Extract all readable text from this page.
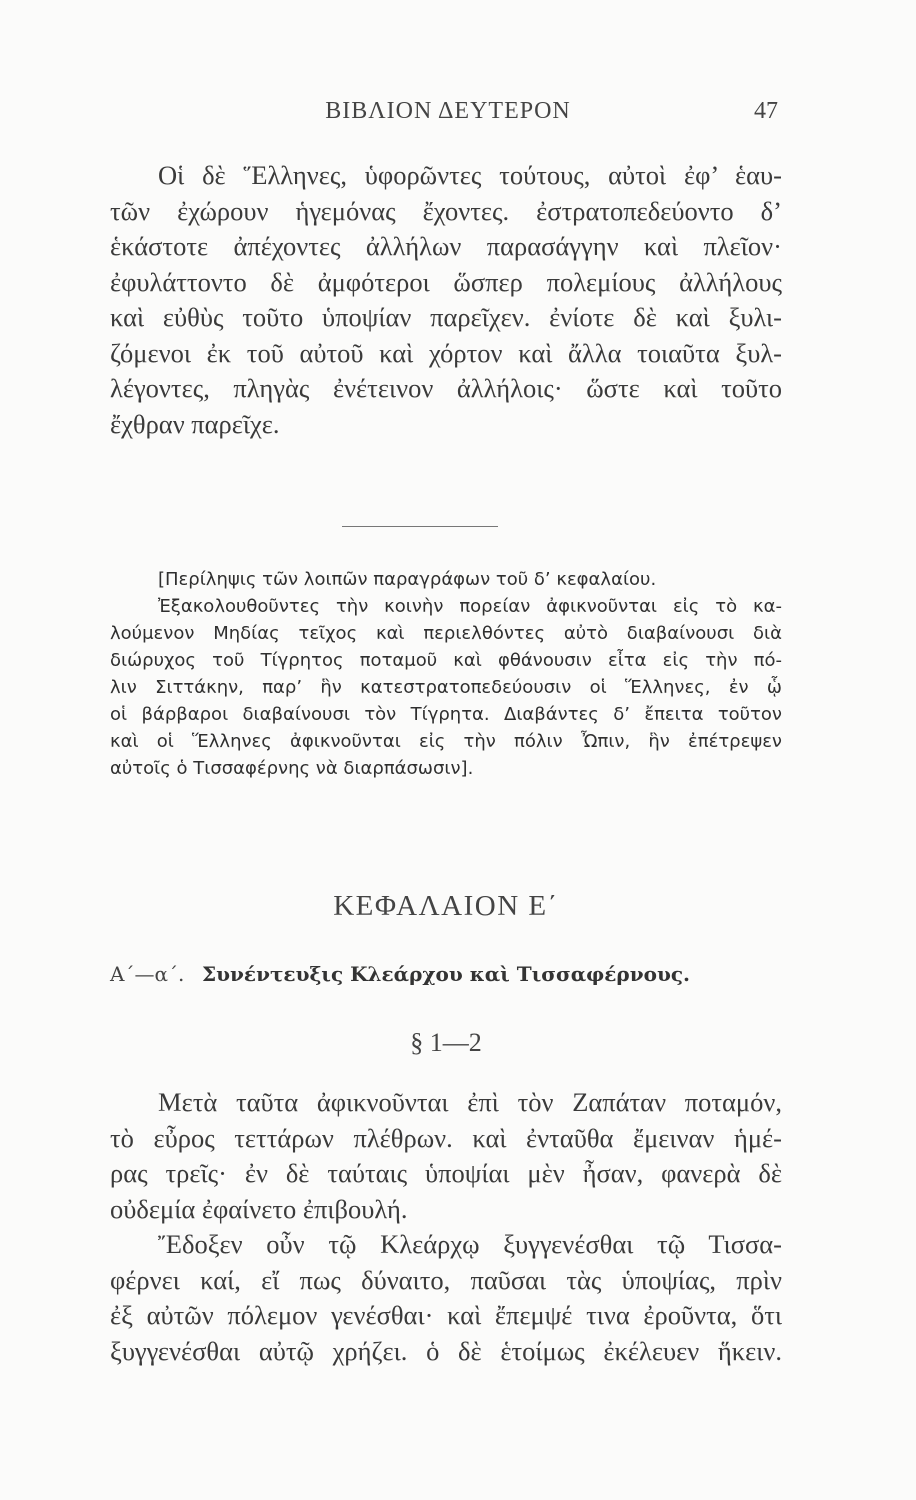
ΒΙΒΛΙΟΝ ΔΕΥΤΕΡΟΝ	47
Οἱ δὲ Ἕλληνες, ὑφορῶντες τούτους, αὐτοὶ ἐφ’ ἑαυ-
τῶν ἐχώρουν ἡγεμόνας ἔχοντες. ἐστρατοπεδεύοντο δ’
ἑκάστοτε ἀπέχοντες ἀλλήλων παρασάγγην καὶ πλεῖον·
ἐφυλάττοντο δὲ ἀμφότεροι ὥσπερ πολεμίους ἀλλήλους
καὶ εὐθὺς τοῦτο ὑποψίαν παρεῖχεν. ἐνίοτε δὲ καὶ ξυλι-
ζόμενοι ἐκ τοῦ αὐτοῦ καὶ χόρτον καὶ ἄλλα τοιαῦτα ξυλ-
λέγοντες, πληγὰς ἐνέτεινον ἀλλήλοις· ὥστε καὶ τοῦτο
ἔχθραν παρεῖχε.
[Περίληψις τῶν λοιπῶν παραγράφων τοῦ δ’ κεφαλαίου.
Ἐξακολουθοῦντες τὴν κοινὴν πορείαν ἀφικνοῦνται εἰς τὸ κα-
λούμενον Μηδίας τεῖχος καὶ περιελθόντες αὐτὸ διαβαίνουσι διὰ
διώρυχος τοῦ Τίγρητος ποταμοῦ καὶ φθάνουσιν εἶτα εἰς τὴν πό-
λιν Σιττάκην, παρ’ ἣν κατεστρατοπεδεύουσιν οἱ Ἕλληνες, ἐν ᾧ
οἱ βάρβαροι διαβαίνουσι τὸν Τίγρητα. Διαβάντες δ’ ἔπειτα τοῦτον
καὶ οἱ Ἕλληνες ἀφικνοῦνται εἰς τὴν πόλιν Ὦπιν, ἣν ἐπέτρεψεν
αὐτοῖς ὁ Τισσαφέρνης νὰ διαρπάσωσιν].
ΚΕΦΑΛΑΙΟΝ Ε΄
Α΄—α΄. Συνέντευξις Κλεάρχου καὶ Τισσαφέρνους.
§ 1—2
Μετὰ ταῦτα ἀφικνοῦνται ἐπὶ τὸν Ζαπάταν ποταμόν,
τὸ εὖρος τεττάρων πλέθρων. καὶ ἐνταῦθα ἔμειναν ἡμέ-
ρας τρεῖς· ἐν δὲ ταύταις ὑποψίαι μὲν ἦσαν, φανερὰ δὲ
οὐδεμία ἐφαίνετο ἐπιβουλή.
Ἔδοξεν οὖν τῷ Κλεάρχῳ ξυγγενέσθαι τῷ Τισσα-
φέρνει καί, εἴ πως δύναιτο, παῦσαι τὰς ὑποψίας, πρὶν
ἐξ αὐτῶν πόλεμον γενέσθαι· καὶ ἔπεμψέ τινα ἐροῦντα, ὅτι
ξυγγενέσθαι αὐτῷ χρήζει. ὁ δὲ ἑτοίμως ἐκέλευεν ἥκειν.
